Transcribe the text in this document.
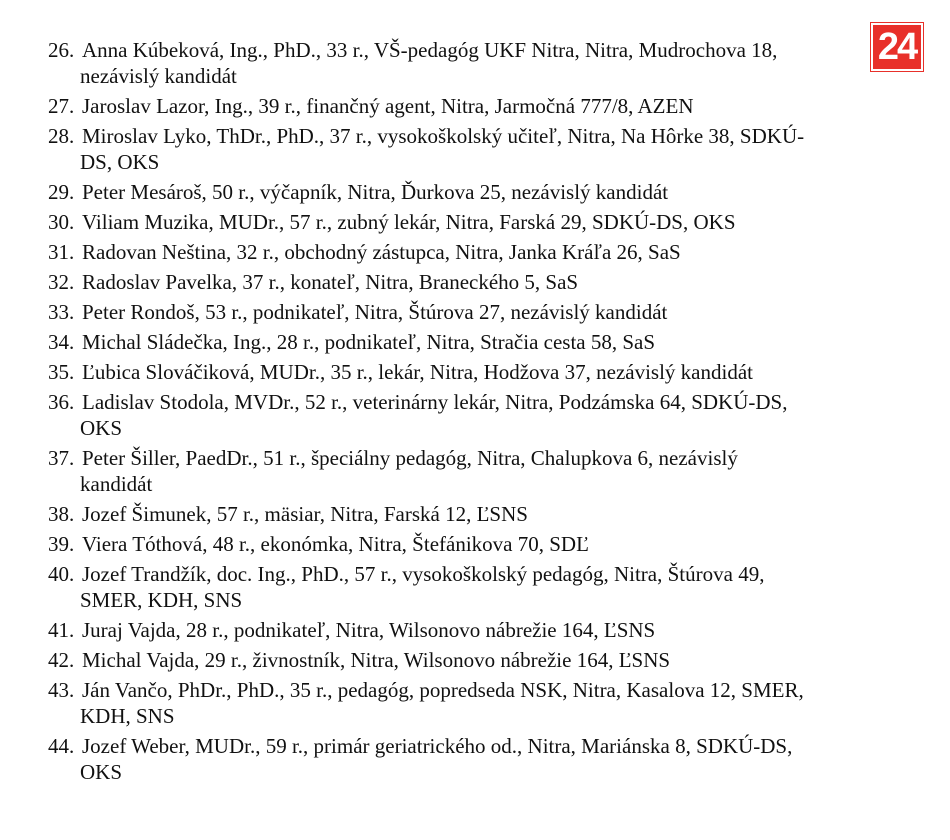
24
26. Anna Kúbeková, Ing., PhD., 33 r., VŠ-pedagóg UKF Nitra, Nitra, Mudrochova 18,
nezávislý kandidát
27. Jaroslav Lazor, Ing., 39 r., finančný agent, Nitra, Jarmočná 777/8, AZEN
28. Miroslav Lyko, ThDr., PhD., 37 r., vysokoškolský učiteľ, Nitra, Na Hôrke 38, SDKÚ-
DS, OKS
29. Peter Mesároš, 50 r., výčapník, Nitra, Ďurkova 25, nezávislý kandidát
30. Viliam Muzika, MUDr., 57 r., zubný lekár, Nitra, Farská 29, SDKÚ-DS, OKS
31. Radovan Neština, 32 r., obchodný zástupca, Nitra, Janka Kráľa 26, SaS
32. Radoslav Pavelka, 37 r., konateľ, Nitra, Braneckého 5, SaS
33. Peter Rondoš, 53 r., podnikateľ, Nitra, Štúrova 27, nezávislý kandidát
34. Michal Sládečka, Ing., 28 r., podnikateľ, Nitra, Stračia cesta 58, SaS
35. Ľubica Slováčiková, MUDr., 35 r., lekár, Nitra, Hodžova 37, nezávislý kandidát
36. Ladislav Stodola, MVDr., 52 r., veterinárny lekár, Nitra, Podzámska 64, SDKÚ-DS,
OKS
37. Peter Šiller, PaedDr., 51 r., špeciálny pedagóg, Nitra, Chalupkova 6, nezávislý
kandidát
38. Jozef Šimunek, 57 r., mäsiar, Nitra, Farská 12, ĽSNS
39. Viera Tóthová, 48 r., ekonómka, Nitra, Štefánikova 70, SDĽ
40. Jozef Trandžík, doc. Ing., PhD., 57 r., vysokoškolský pedagóg, Nitra, Štúrova 49,
SMER, KDH, SNS
41. Juraj Vajda, 28 r., podnikateľ, Nitra, Wilsonovo nábrežie 164, ĽSNS
42. Michal Vajda, 29 r., živnostník, Nitra, Wilsonovo nábrežie 164, ĽSNS
43. Ján Vančo, PhDr., PhD., 35 r., pedagóg, popredseda NSK, Nitra, Kasalova 12, SMER,
KDH, SNS
44. Jozef Weber, MUDr., 59 r., primár geriatrického od., Nitra, Mariánska 8, SDKÚ-DS,
OKS
